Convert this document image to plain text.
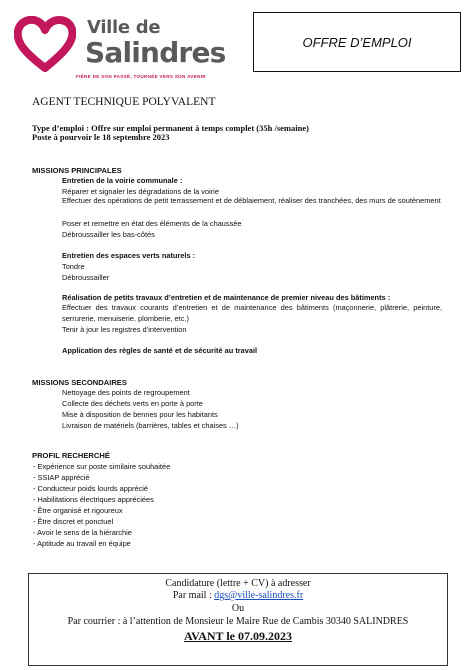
Ville de
Salindres
FIÈRE DE SON PASSÉ, TOURNÉE VERS SON AVENIR
OFFRE D’EMPLOI
AGENT TECHNIQUE POLYVALENT
Type d’emploi : Offre sur emploi permanent à temps complet (35h /semaine)
Poste à pourvoir le 18 septembre 2023
MISSIONS PRINCIPALES
Entretien de la voirie communale :
Réparer et signaler les dégradations de la voirie
Effectuer des opérations de petit terrassement et de déblaiement, réaliser des tranchées, des murs de soutènement
Poser et remettre en état des éléments de la chaussée
Débroussailler les bas-côtés
Entretien des espaces verts naturels :
Tondre
Débroussailler
Réalisation de petits travaux d’entretien et de maintenance de premier niveau des bâtiments :
Effectuer des travaux courants d’entretien et de maintenance des bâtiments (maçonnerie, plâtrerie, peinture, serrurerie, menuiserie, plomberie, etc.)
Tenir à jour les registres d’intervention
Application des règles de santé et de sécurité au travail
MISSIONS SECONDAIRES
Nettoyage des points de regroupement
Collecte des déchets verts en porte à porte
Mise à disposition de bennes pour les habitants
Livraison de matériels (barrières, tables et chaises …)
PROFIL RECHERCHÉ
- Expérience sur poste similaire souhaitée
- SSIAP apprécié
- Conducteur poids lourds apprécié
- Habilitations électriques appréciées
- Être organisé et rigoureux
- Être discret et ponctuel
- Avoir le sens de la hiérarchie
- Aptitude au travail en équipe
Candidature (lettre + CV) à adresser
Par mail : dgs@ville-salindres.fr
Ou
Par courrier : à l’attention de Monsieur le Maire Rue de Cambis 30340 SALINDRES
AVANT le 07.09.2023
